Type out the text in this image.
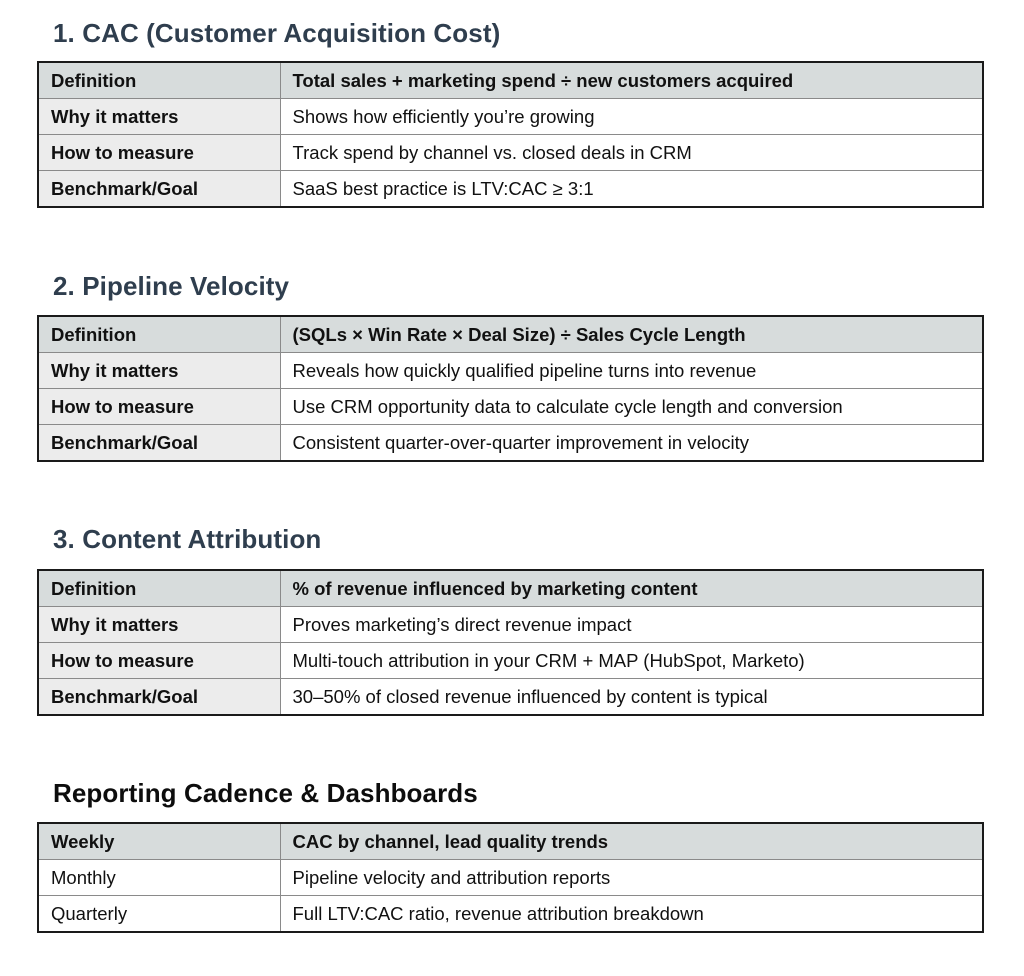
1. CAC (Customer Acquisition Cost)
Definition	Total sales + marketing spend ÷ new customers acquired
Why it matters	Shows how efficiently you’re growing
How to measure	Track spend by channel vs. closed deals in CRM
Benchmark/Goal	SaaS best practice is LTV:CAC ≥ 3:1
2. Pipeline Velocity
Definition	(SQLs × Win Rate × Deal Size) ÷ Sales Cycle Length
Why it matters	Reveals how quickly qualified pipeline turns into revenue
How to measure	Use CRM opportunity data to calculate cycle length and conversion
Benchmark/Goal	Consistent quarter-over-quarter improvement in velocity
3. Content Attribution
Definition	% of revenue influenced by marketing content
Why it matters	Proves marketing’s direct revenue impact
How to measure	Multi-touch attribution in your CRM + MAP (HubSpot, Marketo)
Benchmark/Goal	30–50% of closed revenue influenced by content is typical
Reporting Cadence & Dashboards
Weekly	CAC by channel, lead quality trends
Monthly	Pipeline velocity and attribution reports
Quarterly	Full LTV:CAC ratio, revenue attribution breakdown
